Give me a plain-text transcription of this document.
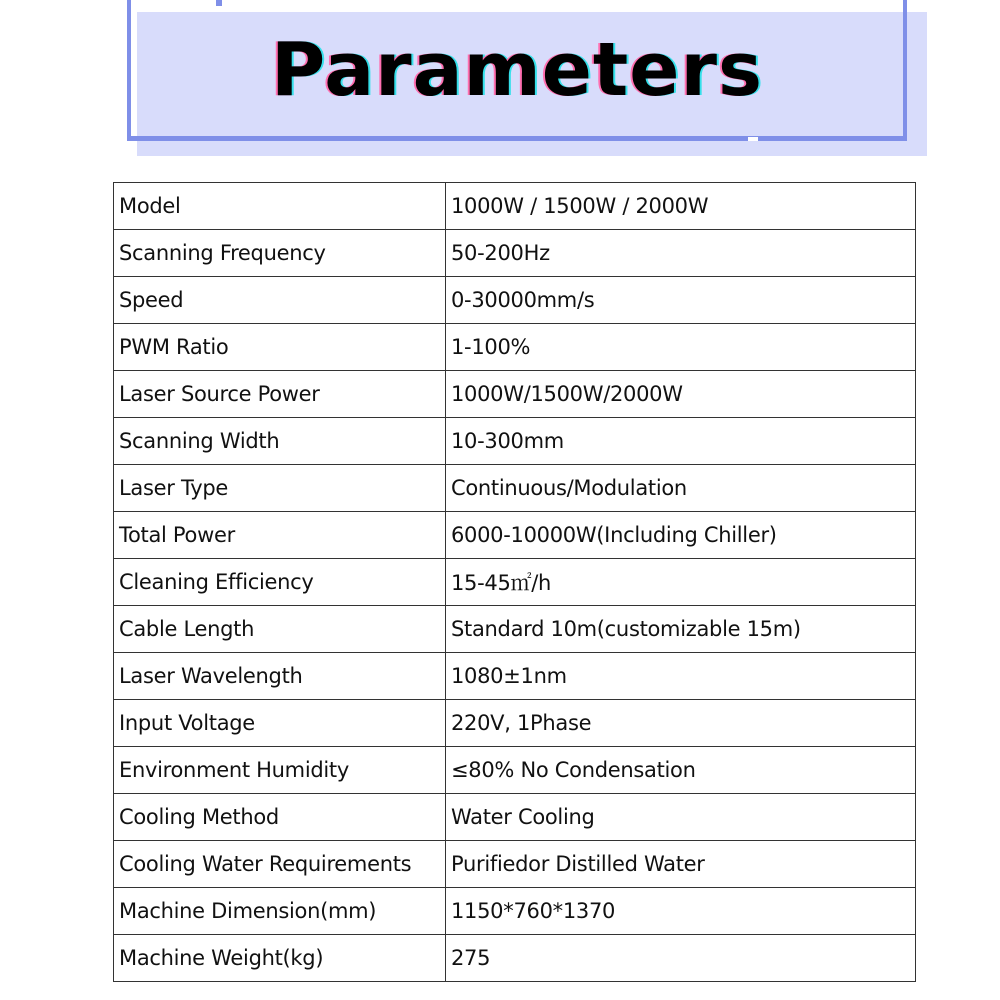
Parameters
Model	1000W / 1500W / 2000W
Scanning Frequency	50-200Hz
Speed	0-30000mm/s
PWM Ratio	1-100%
Laser Source Power	1000W/1500W/2000W
Scanning Width	10-300mm
Laser Type	Continuous/Modulation
Total Power	6000-10000W(Including Chiller)
Cleaning Efficiency	15-45㎡/h
Cable Length	Standard 10m(customizable 15m)
Laser Wavelength	1080±1nm
Input Voltage	220V, 1Phase
Environment Humidity	≤80% No Condensation
Cooling Method	Water Cooling
Cooling Water Requirements	Purifiedor Distilled Water
Machine Dimension(mm)	1150*760*1370
Machine Weight(kg)	275
